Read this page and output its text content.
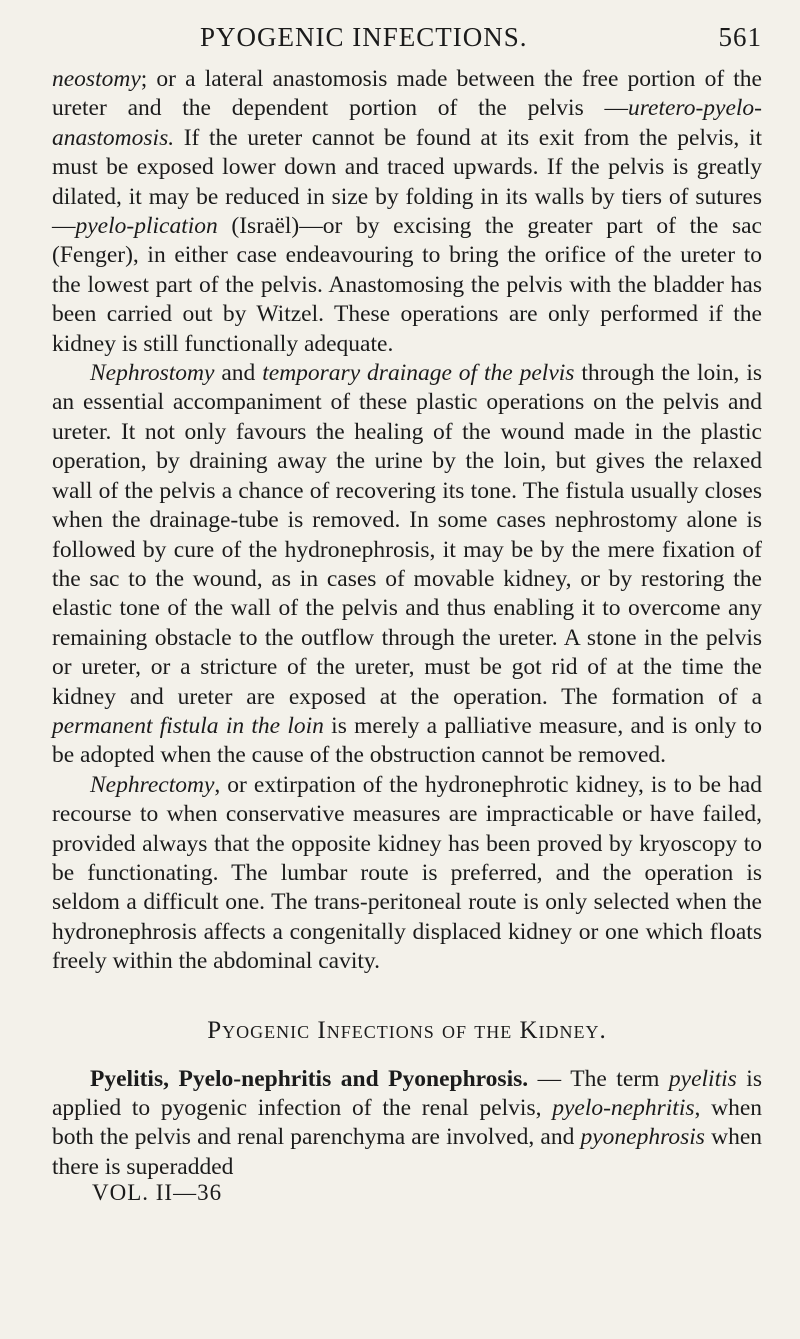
PYOGENIC INFECTIONS.	561

neostomy; or a lateral anastomosis made between the free portion of the ureter and the dependent portion of the pelvis —uretero-pyelo-anastomosis. If the ureter cannot be found at its exit from the pelvis, it must be exposed lower down and traced upwards. If the pelvis is greatly dilated, it may be reduced in size by folding in its walls by tiers of sutures—pyelo-plication (Israël)—or by excising the greater part of the sac (Fenger), in either case endeavouring to bring the orifice of the ureter to the lowest part of the pelvis. Anastomosing the pelvis with the bladder has been carried out by Witzel. These operations are only performed if the kidney is still functionally adequate.

Nephrostomy and temporary drainage of the pelvis through the loin, is an essential accompaniment of these plastic operations on the pelvis and ureter. It not only favours the healing of the wound made in the plastic operation, by draining away the urine by the loin, but gives the relaxed wall of the pelvis a chance of recovering its tone. The fistula usually closes when the drainage-tube is removed. In some cases nephrostomy alone is followed by cure of the hydronephrosis, it may be by the mere fixation of the sac to the wound, as in cases of movable kidney, or by restoring the elastic tone of the wall of the pelvis and thus enabling it to overcome any remaining obstacle to the outflow through the ureter. A stone in the pelvis or ureter, or a stricture of the ureter, must be got rid of at the time the kidney and ureter are exposed at the operation. The formation of a permanent fistula in the loin is merely a palliative measure, and is only to be adopted when the cause of the obstruction cannot be removed.

Nephrectomy, or extirpation of the hydronephrotic kidney, is to be had recourse to when conservative measures are impracticable or have failed, provided always that the opposite kidney has been proved by kryoscopy to be functionating. The lumbar route is preferred, and the operation is seldom a difficult one. The trans-peritoneal route is only selected when the hydronephrosis affects a congenitally displaced kidney or one which floats freely within the abdominal cavity.

Pyogenic Infections of the Kidney.

Pyelitis, Pyelo-nephritis and Pyonephrosis. — The term pyelitis is applied to pyogenic infection of the renal pelvis, pyelo-nephritis, when both the pelvis and renal parenchyma are involved, and pyonephrosis when there is superadded

VOL. II—36
